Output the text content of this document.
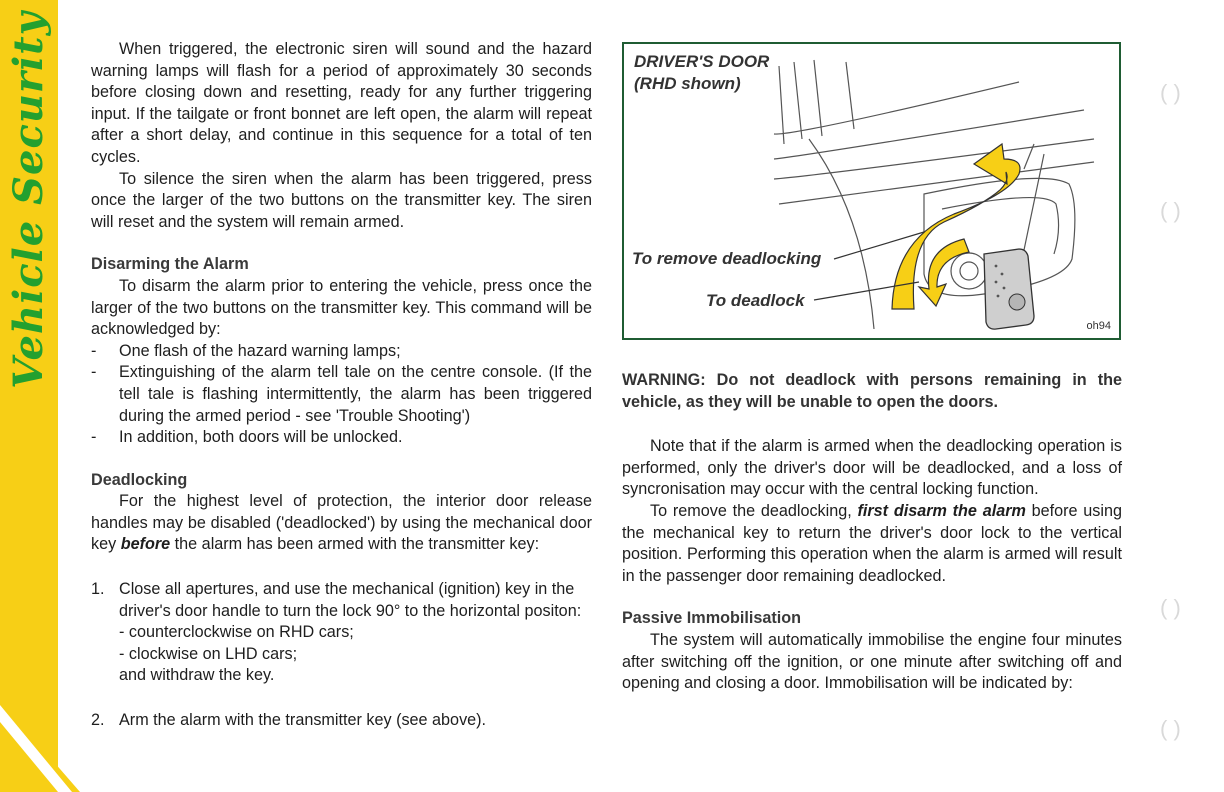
Vehicle Security	When triggered, the electronic siren will sound and the hazard warning lamps will flash for a period of approximately 30 seconds before closing down and resetting, ready for any further triggering input. If the tailgate or front bonnet are left open, the alarm will repeat after a short delay, and continue in this sequence for a total of ten cycles.

To silence the siren when the alarm has been triggered, press once the larger of the two buttons on the transmitter key. The siren will reset and the system will remain armed.

Disarming the Alarm

To disarm the alarm prior to entering the vehicle, press once the larger of the two buttons on the transmitter key. This command will be acknowledged by:

- One flash of the hazard warning lamps;
- Extinguishing of the alarm tell tale on the centre console. (If the tell tale is flashing intermittently, the alarm has been triggered during the armed period - see 'Trouble Shooting')
- In addition, both doors will be unlocked.
Deadlocking

For the highest level of protection, the interior door release handles may be disabled ('deadlocked') by using the mechanical door key before the alarm has been armed with the transmitter key:

1. Close all apertures, and use the mechanical (ignition) key in the driver's door handle to turn the lock 90° to the horizontal positon:
- counterclockwise on RHD cars;
- clockwise on LHD cars;
and withdraw the key.
2. Arm the alarm with the transmitter key (see above).
DRIVER'S DOOR
(RHD shown)
To remove deadlocking
To deadlock
oh94

WARNING: Do not deadlock with persons remaining in the vehicle, as they will be unable to open the doors.

Note that if the alarm is armed when the deadlocking operation is performed, only the driver's door will be deadlocked, and a loss of syncronisation may occur with the central locking function.

To remove the deadlocking, first disarm the alarm before using the mechanical key to return the driver's door lock to the vertical position. Performing this operation when the alarm is armed will result in the passenger door remaining deadlocked.

Passive Immobilisation

The system will automatically immobilise the engine four minutes after switching off the ignition, or one minute after switching off and opening and closing a door. Immobilisation will be indicated by:

( )
( )
( )
( )
